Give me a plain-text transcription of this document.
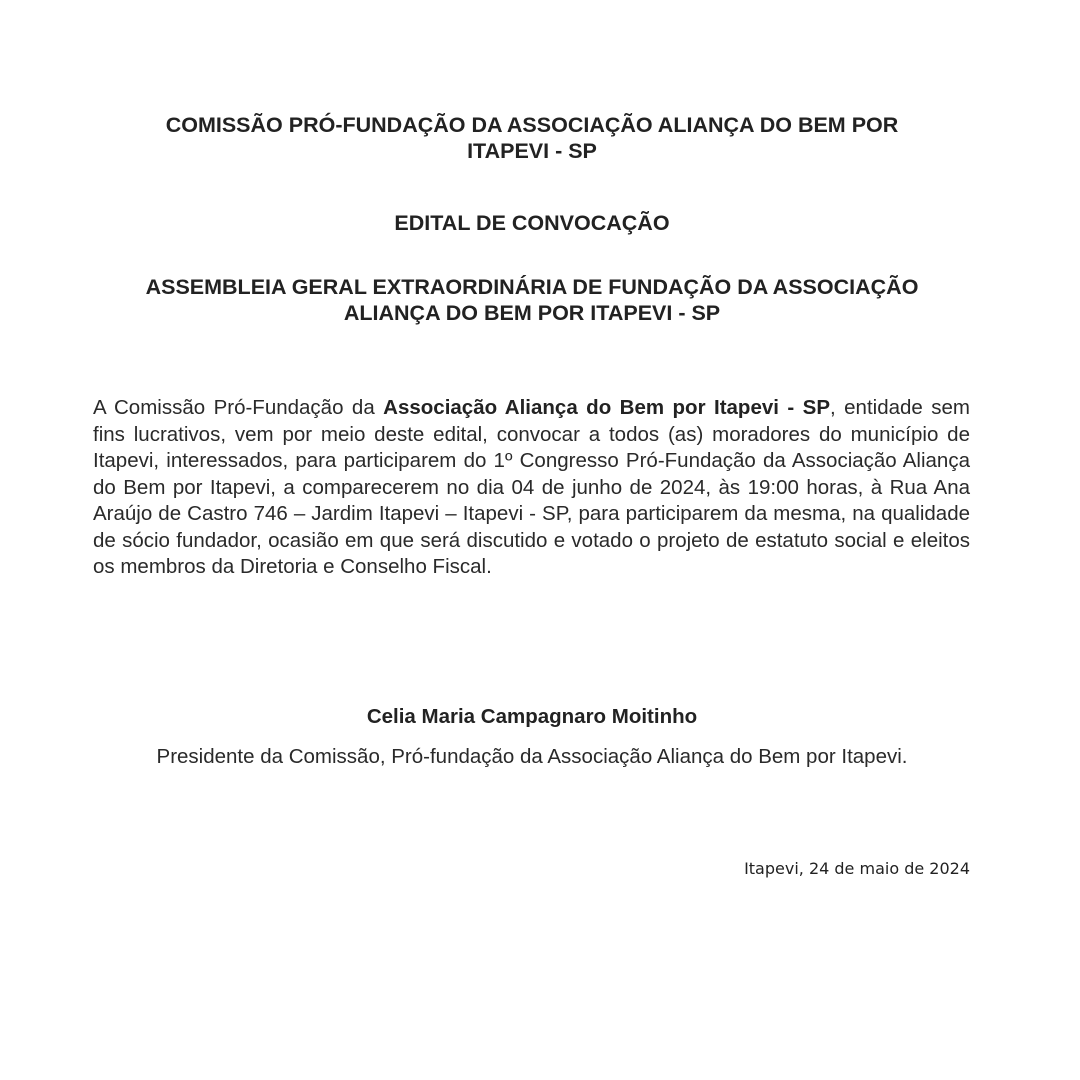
COMISSÃO PRÓ-FUNDAÇÃO DA ASSOCIAÇÃO ALIANÇA DO BEM POR
ITAPEVI - SP
EDITAL DE CONVOCAÇÃO
ASSEMBLEIA GERAL EXTRAORDINÁRIA DE FUNDAÇÃO DA ASSOCIAÇÃO
ALIANÇA DO BEM POR ITAPEVI - SP

A Comissão Pró-Fundação da Associação Aliança do Bem por Itapevi - SP, entidade sem fins lucrativos, vem por meio deste edital, convocar a todos (as) moradores do município de Itapevi, interessados, para participarem do 1º Congresso Pró-Fundação da Associação Aliança do Bem por Itapevi, a comparecerem no dia 04 de junho de 2024, às 19:00 horas, à Rua Ana Araújo de Castro 746 – Jardim Itapevi – Itapevi - SP, para participarem da mesma, na qualidade de sócio fundador, ocasião em que será discutido e votado o projeto de estatuto social e eleitos os membros da Diretoria e Conselho Fiscal.

Celia Maria Campagnaro Moitinho

Presidente da Comissão, Pró-fundação da Associação Aliança do Bem por Itapevi.

Itapevi, 24 de maio de 2024
